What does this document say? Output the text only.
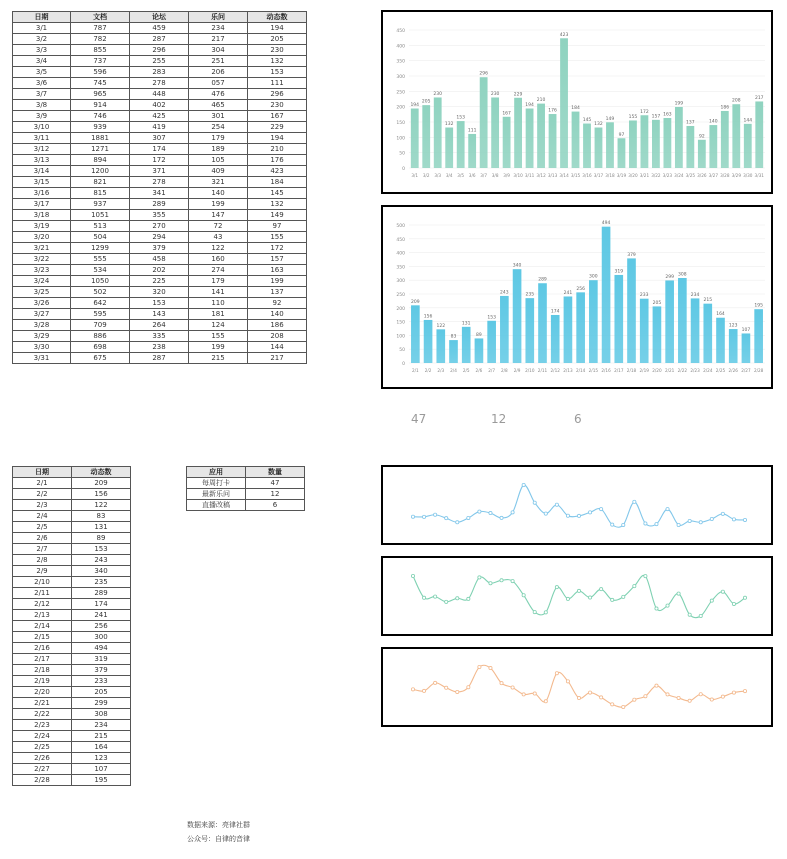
日期	文档	论坛	乐问	动态数
3/1	787	459	234	194
3/2	782	287	217	205
3/3	855	296	304	230
3/4	737	255	251	132
3/5	596	283	206	153
3/6	745	278	057	111
3/7	965	448	476	296
3/8	914	402	465	230
3/9	746	425	301	167
3/10	939	419	254	229
3/11	1881	307	179	194
3/12	1271	174	189	210
3/13	894	172	105	176
3/14	1200	371	409	423
3/15	821	278	321	184
3/16	815	341	140	145
3/17	937	289	199	132
3/18	1051	355	147	149
3/19	513	270	72	97
3/20	504	294	43	155
3/21	1299	379	122	172
3/22	555	458	160	157
3/23	534	202	274	163
3/24	1050	225	179	199
3/25	502	320	141	137
3/26	642	153	110	92
3/27	595	143	181	140
3/28	709	264	124	186
3/29	886	335	155	208
3/30	698	238	199	144
3/31	675	287	215	217
日期	动态数
2/1	209
2/2	156
2/3	122
2/4	83
2/5	131
2/6	89
2/7	153
2/8	243
2/9	340
2/10	235
2/11	289
2/12	174
2/13	241
2/14	256
2/15	300
2/16	494
2/17	319
2/18	379
2/19	233
2/20	205
2/21	299
2/22	308
2/23	234
2/24	215
2/25	164
2/26	123
2/27	107
2/28	195
应用	数量
每周打卡	47
最新乐问	12
直播改稿	6
47	12	6
数据来源：亮律社群
公众号：自律的音律
0
50
100
150
200
250
300
350
400
450
194
3/1
205
3/2
230
3/3
132
3/4
153
3/5
111
3/6
296
3/7
230
3/8
167
3/9
229
3/10
194
3/11
210
3/12
176
3/13
423
3/14
184
3/15
145
3/16
132
3/17
149
3/18
97
3/19
155
3/20
172
3/21
157
3/22
163
3/23
199
3/24
137
3/25
92
3/26
140
3/27
186
3/28
208
3/29
144
3/30
217
3/31
0
50
100
150
200
250
300
350
400
450
500
209
2/1
156
2/2
122
2/3
83
2/4
131
2/5
89
2/6
153
2/7
243
2/8
340
2/9
235
2/10
289
2/11
174
2/12
241
2/13
256
2/14
300
2/15
494
2/16
319
2/17
379
2/18
233
2/19
205
2/20
299
2/21
308
2/22
234
2/23
215
2/24
164
2/25
123
2/26
107
2/27
195
2/28
